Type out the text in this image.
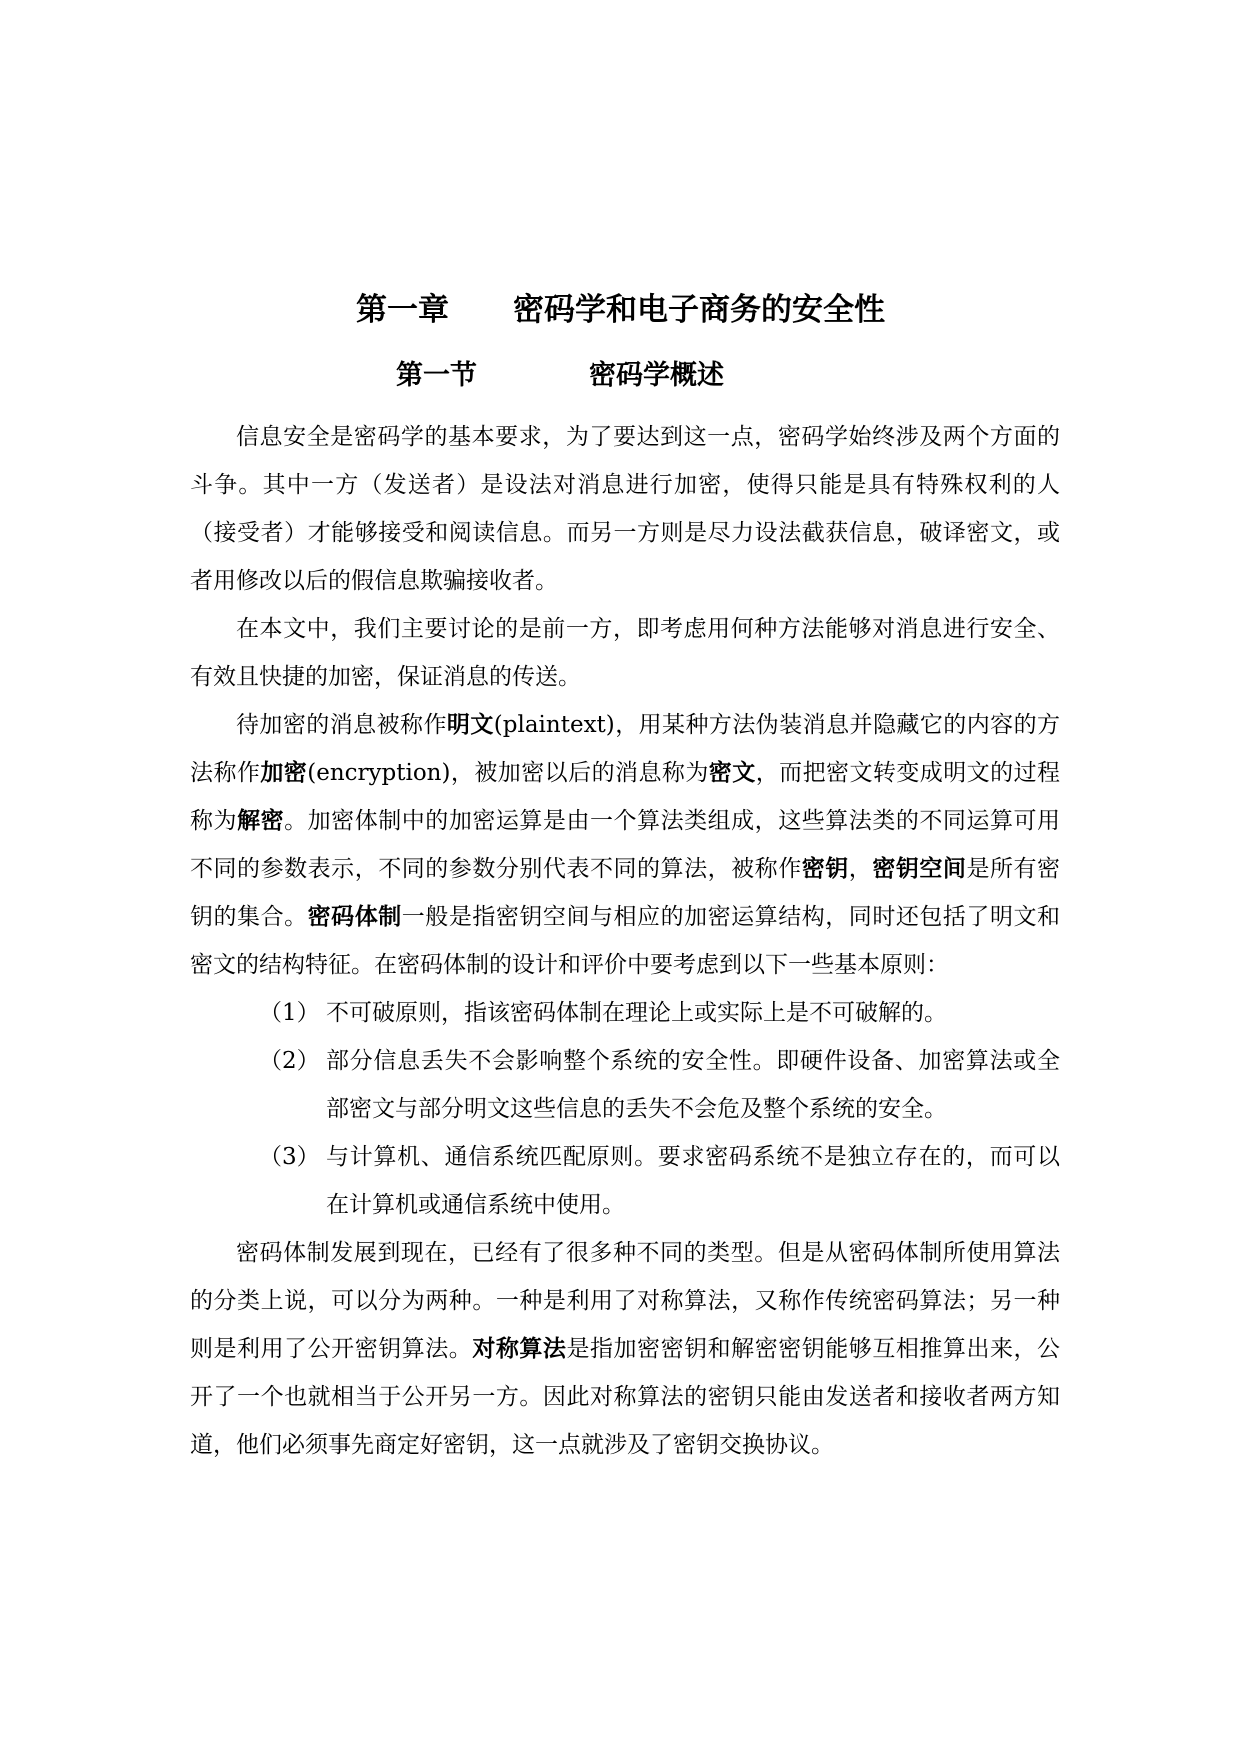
第一章 密码学和电子商务的安全性
第一节	密码学概述

信息安全是密码学的基本要求，为了要达到这一点，密码学始终涉及两个方面的斗争。其中一方（发送者）是设法对消息进行加密，使得只能是具有特殊权利的人（接受者）才能够接受和阅读信息。而另一方则是尽力设法截获信息，破译密文，或者用修改以后的假信息欺骗接收者。

在本文中，我们主要讨论的是前一方，即考虑用何种方法能够对消息进行安全、有效且快捷的加密，保证消息的传送。

待加密的消息被称作明文(plaintext)，用某种方法伪装消息并隐藏它的内容的方法称作加密(encryption)，被加密以后的消息称为密文，而把密文转变成明文的过程称为解密。加密体制中的加密运算是由一个算法类组成，这些算法类的不同运算可用不同的参数表示，不同的参数分别代表不同的算法，被称作密钥，密钥空间是所有密钥的集合。密码体制一般是指密钥空间与相应的加密运算结构，同时还包括了明文和密文的结构特征。在密码体制的设计和评价中要考虑到以下一些基本原则：

（1） 不可破原则，指该密码体制在理论上或实际上是不可破解的。

（2） 部分信息丢失不会影响整个系统的安全性。即硬件设备、加密算法或全部密文与部分明文这些信息的丢失不会危及整个系统的安全。

（3） 与计算机、通信系统匹配原则。要求密码系统不是独立存在的，而可以在计算机或通信系统中使用。

密码体制发展到现在，已经有了很多种不同的类型。但是从密码体制所使用算法的分类上说，可以分为两种。一种是利用了对称算法，又称作传统密码算法；另一种则是利用了公开密钥算法。对称算法是指加密密钥和解密密钥能够互相推算出来，公开了一个也就相当于公开另一方。因此对称算法的密钥只能由发送者和接收者两方知道，他们必须事先商定好密钥，这一点就涉及了密钥交换协议。
